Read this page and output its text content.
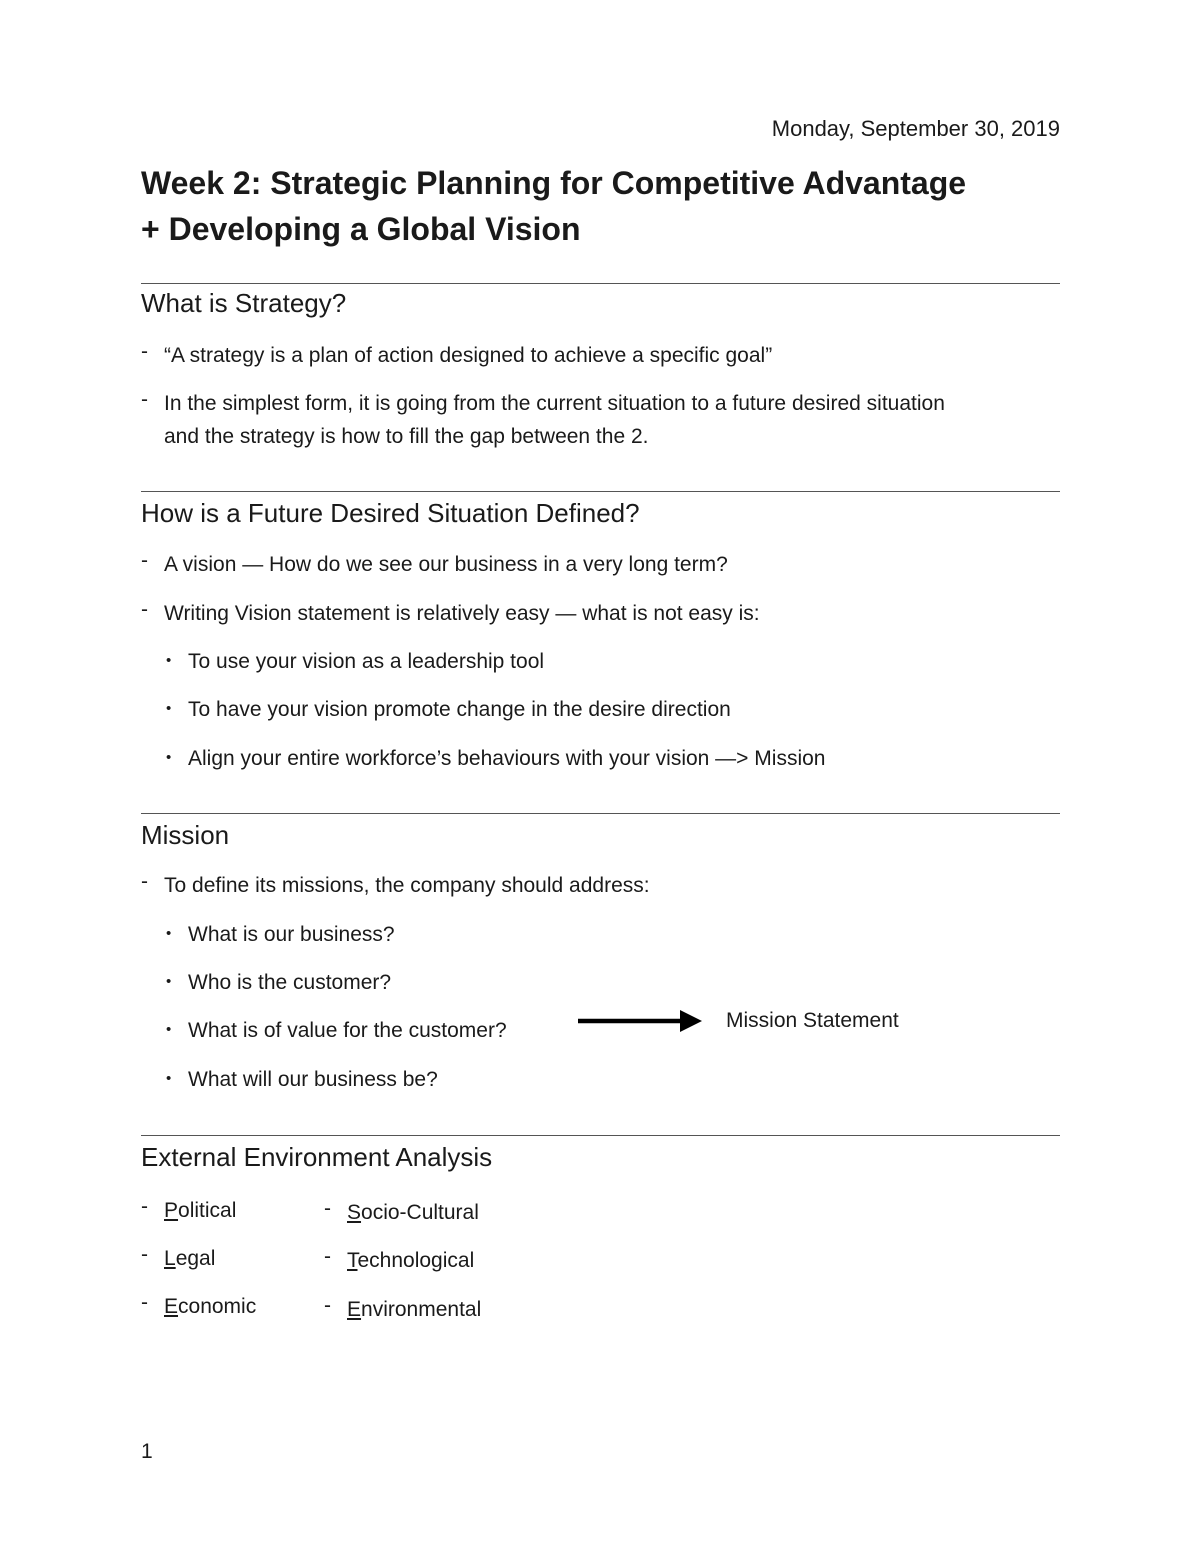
Monday, September 30, 2019
Week 2: Strategic Planning for Competitive Advantage
+ Developing a Global Vision
What is Strategy?
- “A strategy is a plan of action designed to achieve a specific goal”
- In the simplest form, it is going from the current situation to a future desired situation
and the strategy is how to fill the gap between the 2.
How is a Future Desired Situation Defined?
- A vision — How do we see our business in a very long term?
- Writing Vision statement is relatively easy — what is not easy is:
• To use your vision as a leadership tool
• To have your vision promote change in the desire direction
• Align your entire workforce’s behaviours with your vision —> Mission
Mission
- To define its missions, the company should address:
• What is our business?
• Who is the customer?
• What is of value for the customer?
• What will our business be?
Mission Statement
External Environment Analysis
- Political
- Legal
- Economic
- Socio-Cultural
- Technological
- Environmental
1
